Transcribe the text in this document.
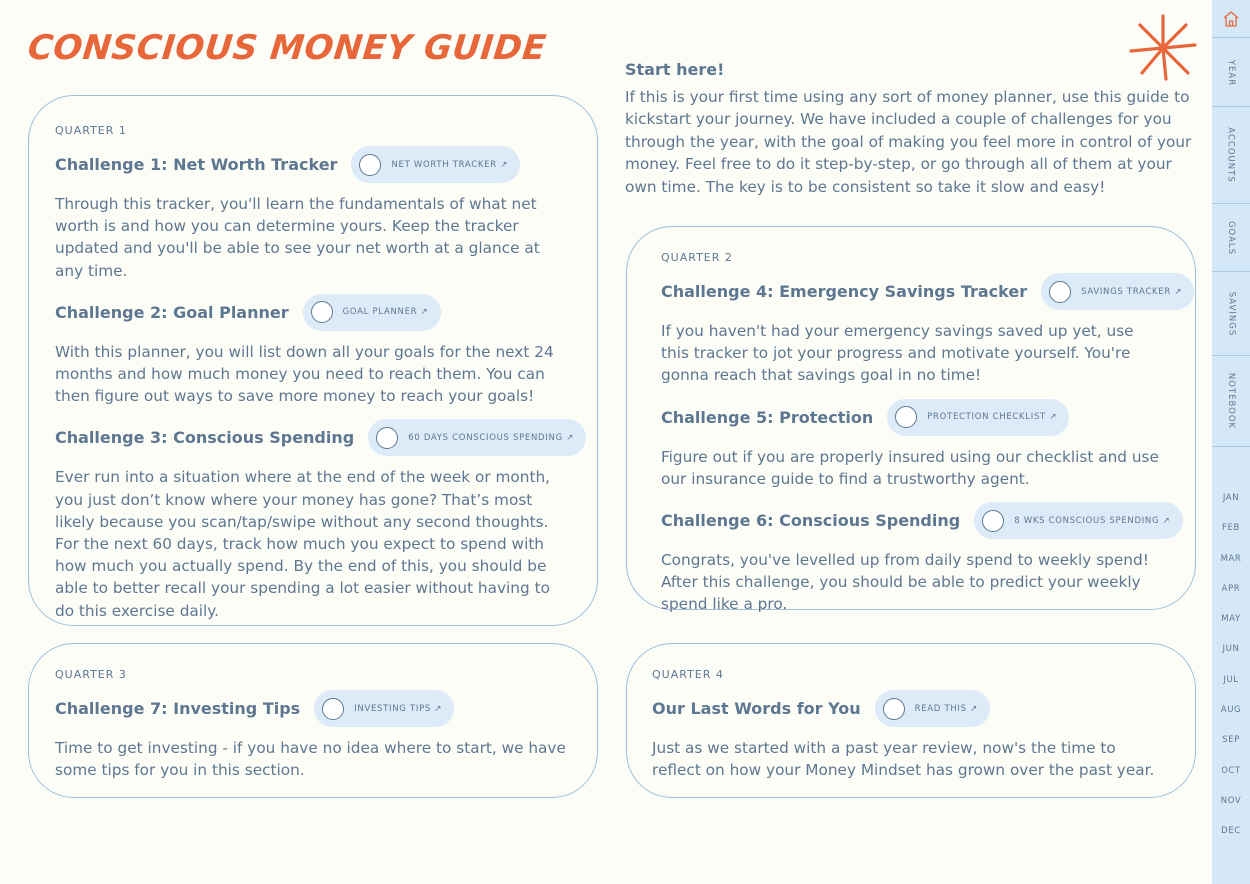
CONSCIOUS MONEY GUIDE
Start here!

If this is your first time using any sort of money planner, use this guide to kickstart your journey. We have included a couple of challenges for you through the year, with the goal of making you feel more in control of your money. Feel free to do it step-by-step, or go through all of them at your own time. The key is to be consistent so take it slow and easy!

QUARTER 1
Challenge 1: Net Worth Tracker	NET WORTH TRACKER ↗
Through this tracker, you'll learn the fundamentals of what net worth is and how you can determine yours. Keep the tracker updated and you'll be able to see your net worth at a glance at any time.
Challenge 2: Goal Planner	GOAL PLANNER ↗
With this planner, you will list down all your goals for the next 24 months and how much money you need to reach them. You can then figure out ways to save more money to reach your goals!
Challenge 3: Conscious Spending	60 DAYS CONSCIOUS SPENDING ↗
Ever run into a situation where at the end of the week or month, you just don’t know where your money has gone? That’s most likely because you scan/tap/swipe without any second thoughts. For the next 60 days, track how much you expect to spend with how much you actually spend. By the end of this, you should be able to better recall your spending a lot easier without having to do this exercise daily.
QUARTER 2
Challenge 4: Emergency Savings Tracker	SAVINGS TRACKER ↗
If you haven't had your emergency savings saved up yet, use this tracker to jot your progress and motivate yourself. You're gonna reach that savings goal in no time!
Challenge 5: Protection	PROTECTION CHECKLIST ↗
Figure out if you are properly insured using our checklist and use our insurance guide to find a trustworthy agent.
Challenge 6: Conscious Spending	8 WKS CONSCIOUS SPENDING ↗
Congrats, you've levelled up from daily spend to weekly spend! After this challenge, you should be able to predict your weekly spend like a pro.
QUARTER 3
Challenge 7: Investing Tips	INVESTING TIPS ↗
Time to get investing - if you have no idea where to start, we have some tips for you in this section.
QUARTER 4
Our Last Words for You	READ THIS ↗
Just as we started with a past year review, now's the time to reflect on how your Money Mindset has grown over the past year.
YEAR
ACCOUNTS
GOALS
SAVINGS
NOTEBOOK
JAN
FEB
MAR
APR
MAY
JUN
JUL
AUG
SEP
OCT
NOV
DEC
